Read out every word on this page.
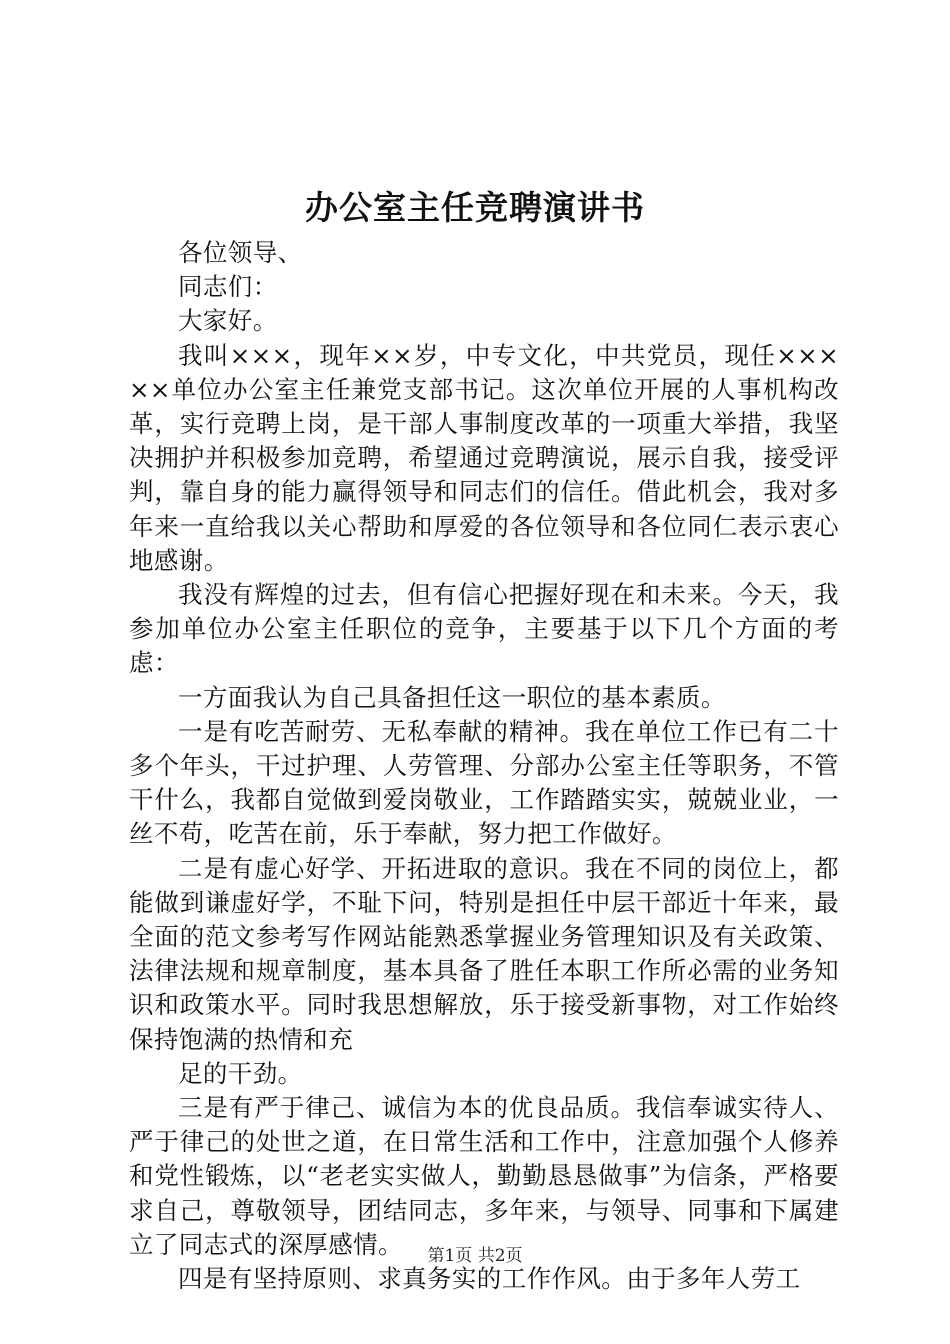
办公室主任竞聘演讲书

各位领导、

同志们：

大家好。

我叫×××，现年××岁，中专文化，中共党员，现任×××××单位办公室主任兼党支部书记。这次单位开展的人事机构改革，实行竞聘上岗，是干部人事制度改革的一项重大举措，我坚决拥护并积极参加竞聘，希望通过竞聘演说，展示自我，接受评判，靠自身的能力赢得领导和同志们的信任。借此机会，我对多年来一直给我以关心帮助和厚爱的各位领导和各位同仁表示衷心地感谢。

我没有辉煌的过去，但有信心把握好现在和未来。今天，我参加单位办公室主任职位的竞争，主要基于以下几个方面的考虑：

一方面我认为自己具备担任这一职位的基本素质。

一是有吃苦耐劳、无私奉献的精神。我在单位工作已有二十多个年头，干过护理、人劳管理、分部办公室主任等职务，不管干什么，我都自觉做到爱岗敬业，工作踏踏实实，兢兢业业，一丝不苟，吃苦在前，乐于奉献，努力把工作做好。

二是有虚心好学、开拓进取的意识。我在不同的岗位上，都能做到谦虚好学，不耻下问，特别是担任中层干部近十年来，最全面的范文参考写作网站能熟悉掌握业务管理知识及有关政策、法律法规和规章制度，基本具备了胜任本职工作所必需的业务知识和政策水平。同时我思想解放，乐于接受新事物，对工作始终保持饱满的热情和充

足的干劲。

三是有严于律己、诚信为本的优良品质。我信奉诚实待人、严于律己的处世之道，在日常生活和工作中，注意加强个人修养和党性锻炼，以“老老实实做人，勤勤恳恳做事”为信条，严格要求自己，尊敬领导，团结同志，多年来，与领导、同事和下属建立了同志式的深厚感情。

四是有坚持原则、求真务实的工作作风。由于多年人劳工

第1页 共2页
